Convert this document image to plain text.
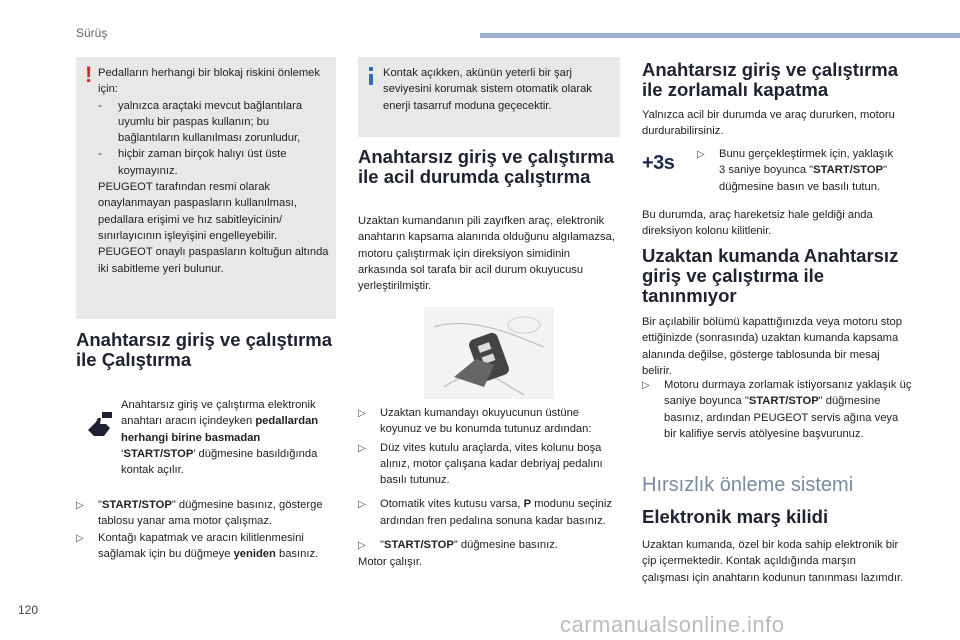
Sürüş
! Pedalların herhangi bir blokaj riskini önlemek için:
-	yalnızca araçtaki mevcut bağlantılara uyumlu bir paspas kullanın; bu bağlantıların kullanılması zorunludur,
-	hiçbir zaman birçok halıyı üst üste koymayınız.
PEUGEOT tarafından resmi olarak onaylanmayan paspasların kullanılması, pedallara erişimi ve hız sabitleyicinin/ sınırlayıcının işleyişini engelleyebilir. PEUGEOT onaylı paspasların koltuğun altında iki sabitleme yeri bulunur.
Anahtarsız giriş ve çalıştırma ile Çalıştırma
Anahtarsız giriş ve çalıştırma elektronik anahtarı aracın içindeyken pedallardan herhangi birine basmadan ‘START/STOP’ düğmesine basıldığında kontak açılır.
▷	"START/STOP" düğmesine basınız, gösterge tablosu yanar ama motor çalışmaz.
▷	Kontağı kapatmak ve aracın kilitlenmesini sağlamak için bu düğmeye yeniden basınız.
Kontak açıkken, akünün yeterli bir şarj seviyesini korumak sistem otomatik olarak enerji tasarruf moduna geçecektir.
Anahtarsız giriş ve çalıştırma ile acil durumda çalıştırma
Uzaktan kumandanın pili zayıfken araç, elektronik anahtarın kapsama alanında olduğunu algılamazsa, motoru çalıştırmak için direksiyon simidinin arkasında sol tarafa bir acil durum okuyucusu yerleştirilmiştir.
▷	Uzaktan kumandayı okuyucunun üstüne koyunuz ve bu konumda tutunuz ardından:
▷	Düz vites kutulu araçlarda, vites kolunu boşa alınız, motor çalışana kadar debriyaj pedalını basılı tutunuz.
▷	Otomatik vites kutusu varsa, P modunu seçiniz ardından fren pedalına sonuna kadar basınız.
▷	"START/STOP" düğmesine basınız.
Motor çalışır.
Anahtarsız giriş ve çalıştırma ile zorlamalı kapatma
Yalnızca acil bir durumda ve araç dururken, motoru durdurabilirsiniz.
+3s	▷	Bunu gerçekleştirmek için, yaklaşık 3 saniye boyunca "START/STOP" düğmesine basın ve basılı tutun.
Bu durumda, araç hareketsiz hale geldiği anda direksiyon kolonu kilitlenir.
Uzaktan kumanda Anahtarsız giriş ve çalıştırma ile tanınmıyor
Bir açılabilir bölümü kapattığınızda veya motoru stop ettiğinizde (sonrasında) uzaktan kumanda kapsama alanında değilse, gösterge tablosunda bir mesaj belirir.
▷	Motoru durmaya zorlamak istiyorsanız yaklaşık üç saniye boyunca "START/STOP" düğmesine basınız, ardından PEUGEOT servis ağına veya bir kalifiye servis atölyesine başvurunuz.
Hırsızlık önleme sistemi
Elektronik marş kilidi
Uzaktan kumanda, özel bir koda sahip elektronik bir çip içermektedir. Kontak açıldığında marşın çalışması için anahtarın kodunun tanınması lazımdır.
120
carmanualsonline.info
